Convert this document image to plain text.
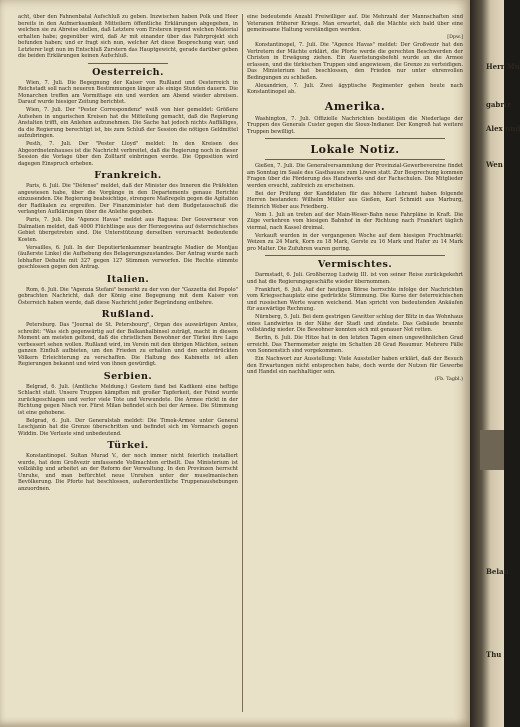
acht, über den Fahnenbatal Aufschluß zu geben. Inzwischen haben Polk und Heer bereits in den Aufmerksamkeit Mitteilern öffentliche Erklärungen abgegeben, in welchen sie zu Abreise stellen, daß Letztere vom Ersteren irgend welchen Material erhalten habe; gegenüber wird, daß Ar mit einander über das Fahrprojekt sich befunden haben; und er fragt sich nun, welcher Art diese Besprechung war; und Letzterer legt nun im Entschluß Zurstern das Hauptgewicht, gerade darüber geben die beiden Erklärungen keinen Aufschluß.

Oesterreich.

Wien, 7. Juli. Die Begegnung der Kaiser von Rußland und Oesterreich in Reichstadt soll nach neueren Bestimmungen länger als einige Stunden dauern. Die Monarchen treffen am Vormittage ein und werden am Abend wieder abreisen. Darauf wurde hiesiger Zeitung berichtet.

Wien, 7. Juli. Der "Pester Correspondenz" weiß von hier gemeldet: Größere Aufsehen in ungarischen Kreisen hat die Mitteilung gemacht, daß die Regierung Anstalten trifft, ein Anlehen aufzunehmen. Die Sache hat jedoch nichts Auffälliges, da die Regierung berechtigt ist, bis zum Schluß der Session die nötigen Geldmittel aufzubringen.

Pesth, 7. Juli. Der "Pester Lloyd" meldet: In den Kreisen des Abgeordnetenhauses ist die Nachricht verbreitet, daß die Regierung noch in dieser Session die Vorlage über den Zolltarif einbringen werde. Die Opposition wird dagegen Einspruch erheben.

Frankreich.

Paris, 6. Juli. Die "Défense" meldet, daß der Minister des Inneren die Präfekten angewiesen habe, über die Vorgänge in den Departements genaue Berichte einzusenden. Die Regierung beabsichtige, strengere Maßregeln gegen die Agitation der Radikalen zu ergreifen. Der Finanzminister hat dem Budgetausschuß die verlangten Aufklärungen über die Anleihe gegeben.

Paris, 7. Juli. Die "Agence Havas" meldet aus Ragusa: Der Gouverneur von Dalmatien meldet, daß 4000 Flüchtlinge aus der Herzegowina auf österreichisches Gebiet übergetreten sind. Die Unterstützung derselben verursacht bedeutende Kosten.

Versailles, 6. Juli. In der Deputiertenkammer beantragte Madier de Montjau (äußerste Linke) die Aufhebung des Belagerungszustandes. Der Antrag wurde nach lebhafter Debatte mit 327 gegen 127 Stimmen verworfen. Die Rechte stimmte geschlossen gegen den Antrag.

Italien.

Rom, 6. Juli. Die "Agenzia Stefani" bemerkt zu der von der "Gazzetta del Popolo" gebrachten Nachricht, daß der König eine Begegnung mit dem Kaiser von Österreich haben werde, daß diese Nachricht jeder Begründung entbehre.

Rußland.

Petersburg. Das "Journal de St. Petersbourg", Organ des auswärtigen Amtes, schreibt: "Was sich gegenwärtig auf der Balkanhalbinsel zuträgt, macht in diesem Moment am meisten geltend, daß die christlichen Bewohner der Türkei ihre Lage verbessert sehen wollen. Rußland wird, im Verein mit den übrigen Mächten, seinen ganzen Einfluß aufbieten, um den Frieden zu erhalten und den unterdrückten Völkern Erleichterung zu verschaffen. Die Haltung des Kabinetts ist allen Regierungen bekannt und wird von ihnen gewürdigt.

Serbien.

Belgrad, 6. Juli. (Amtliche Meldung.) Gestern fand bei Kadikeni eine heftige Schlacht statt. Unsere Truppen kämpften mit großer Tapferkeit, der Feind wurde zurückgeschlagen und verlor viele Tote und Verwundete. Die Armee rückt in der Richtung gegen Nisch vor. Fürst Milan befindet sich bei der Armee. Die Stimmung ist eine gehobene.

Belgrad, 6. Juli. Der Generalstab meldet: Die Timok-Armee unter General Leschjanin hat die Grenze überschritten und befindet sich im Vormarsch gegen Widdin. Die Verluste sind unbedeutend.

Türkei.

Konstantinopel. Sultan Murad V., der noch immer nicht feierlich installiert wurde, hat dem Großvezir umfassende Vollmachten ertheilt. Das Ministerium ist vollzählig und arbeitet an der Reform der Verwaltung. In den Provinzen herrscht Unruhe, und man befürchtet neue Unruhen unter der muselmanischen Bevölkerung. Die Pforte hat beschlossen, außerordentliche Truppenaushebungen anzuordnen.

eine bedeutende Anzahl Freiwilliger auf. Die Mehrzahl der Mannschaften sind Veteranen früherer Kriege. Man erwartet, daß die Mächte sich bald über eine gemeinsame Haltung verständigen werden.

[Dpw.]

Konstantinopel, 7. Juli. Die "Agence Havas" meldet: Der Großvezir hat den Vertretern der Mächte erklärt, die Pforte werde die gerechten Beschwerden der Christen in Erwägung ziehen. Ein Ausrüstungsbefehl wurde an die Armee erlassen, und die türkischen Truppen sind angewiesen, die Grenze zu verteidigen. Das Ministerium hat beschlossen, den Frieden nur unter ehrenvollen Bedingungen zu schließen.

Alexandrien, 7. Juli. Zwei ägyptische Regimenter gehen heute nach Konstantinopel ab.

Amerika.

Washington, 7. Juli. Offizielle Nachrichten bestätigen die Niederlage der Truppen des Generals Custer gegen die Sioux-Indianer. Der Kongreß hat weitere Truppen bewilligt.

Lokale Notiz.

Gießen, 7. Juli. Die Generalversammlung der Provinzial-Gewerbevereine findet am Sonntag im Saale des Gasthauses zum Löwen statt. Zur Besprechung kommen Fragen über die Förderung des Handwerks und der Fachschulen. Die Mitglieder werden ersucht, zahlreich zu erscheinen.

Bei der Prüfung der Kandidaten für das höhere Lehramt haben folgende Herren bestanden: Wilhelm Müller aus Gießen, Karl Schmidt aus Marburg, Heinrich Weber aus Friedberg.

Vom 1. Juli an treten auf der Main-Weser-Bahn neue Fahrpläne in Kraft. Die Züge verkehren vom hiesigen Bahnhof in der Richtung nach Frankfurt täglich viermal, nach Kassel dreimal.

Verkauft wurden in der vergangenen Woche auf dem hiesigen Fruchtmarkt: Weizen zu 24 Mark, Korn zu 18 Mark, Gerste zu 16 Mark und Hafer zu 14 Mark pro Malter. Die Zufuhren waren gering.

Vermischtes.

Darmstadt, 6. Juli. Großherzog Ludwig III. ist von seiner Reise zurückgekehrt und hat die Regierungsgeschäfte wieder übernommen.

Frankfurt, 6. Juli. Auf der heutigen Börse herrschte infolge der Nachrichten vom Kriegsschauplatz eine gedrückte Stimmung. Die Kurse der österreichischen und russischen Werte waren weichend. Man spricht von bedeutenden Ankäufen für auswärtige Rechnung.

Nürnberg, 5. Juli. Bei dem gestrigen Gewitter schlug der Blitz in das Wohnhaus eines Landwirtes in der Nähe der Stadt und zündete. Das Gebäude brannte vollständig nieder. Die Bewohner konnten sich mit genauer Not retten.

Berlin, 6. Juli. Die Hitze hat in den letzten Tagen einen ungewöhnlichen Grad erreicht. Das Thermometer zeigte im Schatten 28 Grad Reaumur. Mehrere Fälle von Sonnenstich sind vorgekommen.

Ein Nachwort zur Ausstellung: Viele Aussteller haben erklärt, daß der Besuch den Erwartungen nicht entsprochen habe, doch werde der Nutzen für Gewerbe und Handel ein nachhaltiger sein.

(Fb. Tagbl.)
Herr Mu
gabriz
Alex und
Wen
Belan
Thu
